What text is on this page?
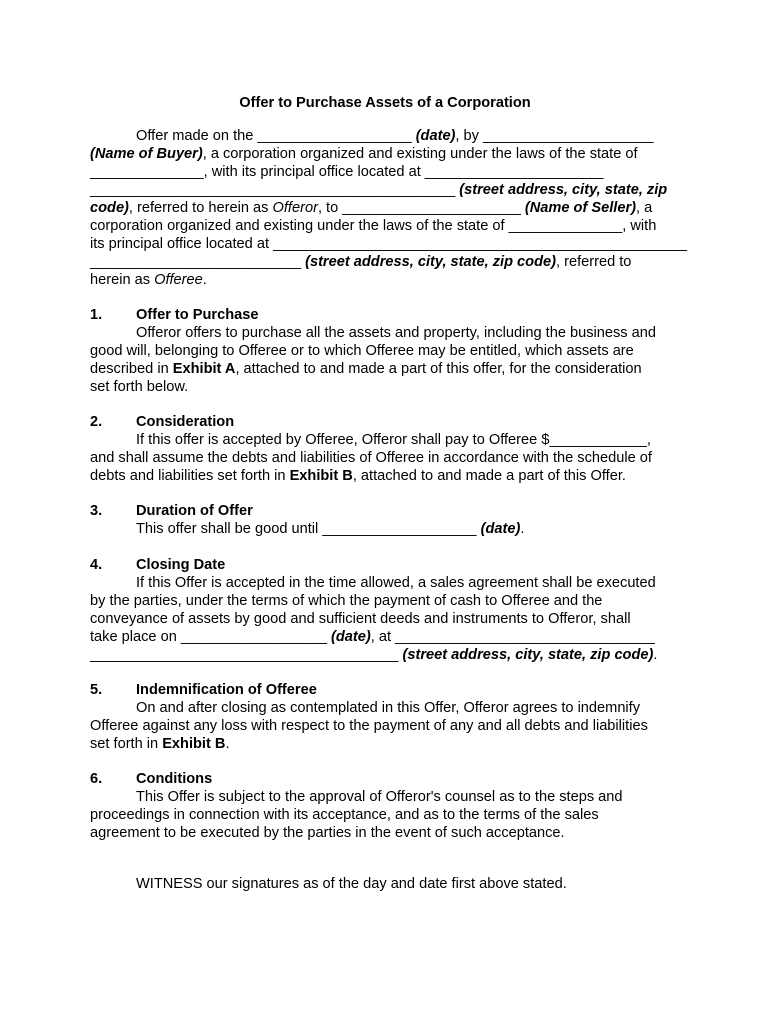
Offer to Purchase Assets of a Corporation
Offer made on the ___________________ (date), by _____________________
(Name of Buyer), a corporation organized and existing under the laws of the state of
______________, with its principal office located at ______________________
_____________________________________________ (street address, city, state, zip
code), referred to herein as Offeror, to ______________________ (Name of Seller), a
corporation organized and existing under the laws of the state of ______________, with
its principal office located at ___________________________________________________
__________________________ (street address, city, state, zip code), referred to
herein as Offeree.
1. Offer to Purchase
Offeror offers to purchase all the assets and property, including the business and
good will, belonging to Offeree or to which Offeree may be entitled, which assets are
described in Exhibit A, attached to and made a part of this offer, for the consideration
set forth below.
2. Consideration
If this offer is accepted by Offeree, Offeror shall pay to Offeree $____________,
and shall assume the debts and liabilities of Offeree in accordance with the schedule of
debts and liabilities set forth in Exhibit B, attached to and made a part of this Offer.
3. Duration of Offer
This offer shall be good until ___________________ (date).
4. Closing Date
If this Offer is accepted in the time allowed, a sales agreement shall be executed
by the parties, under the terms of which the payment of cash to Offeree and the
conveyance of assets by good and sufficient deeds and instruments to Offeror, shall
take place on __________________ (date), at ________________________________
______________________________________ (street address, city, state, zip code).
5. Indemnification of Offeree
On and after closing as contemplated in this Offer, Offeror agrees to indemnify
Offeree against any loss with respect to the payment of any and all debts and liabilities
set forth in Exhibit B.
6. Conditions
This Offer is subject to the approval of Offeror's counsel as to the steps and
proceedings in connection with its acceptance, and as to the terms of the sales
agreement to be executed by the parties in the event of such acceptance.
WITNESS our signatures as of the day and date first above stated.
